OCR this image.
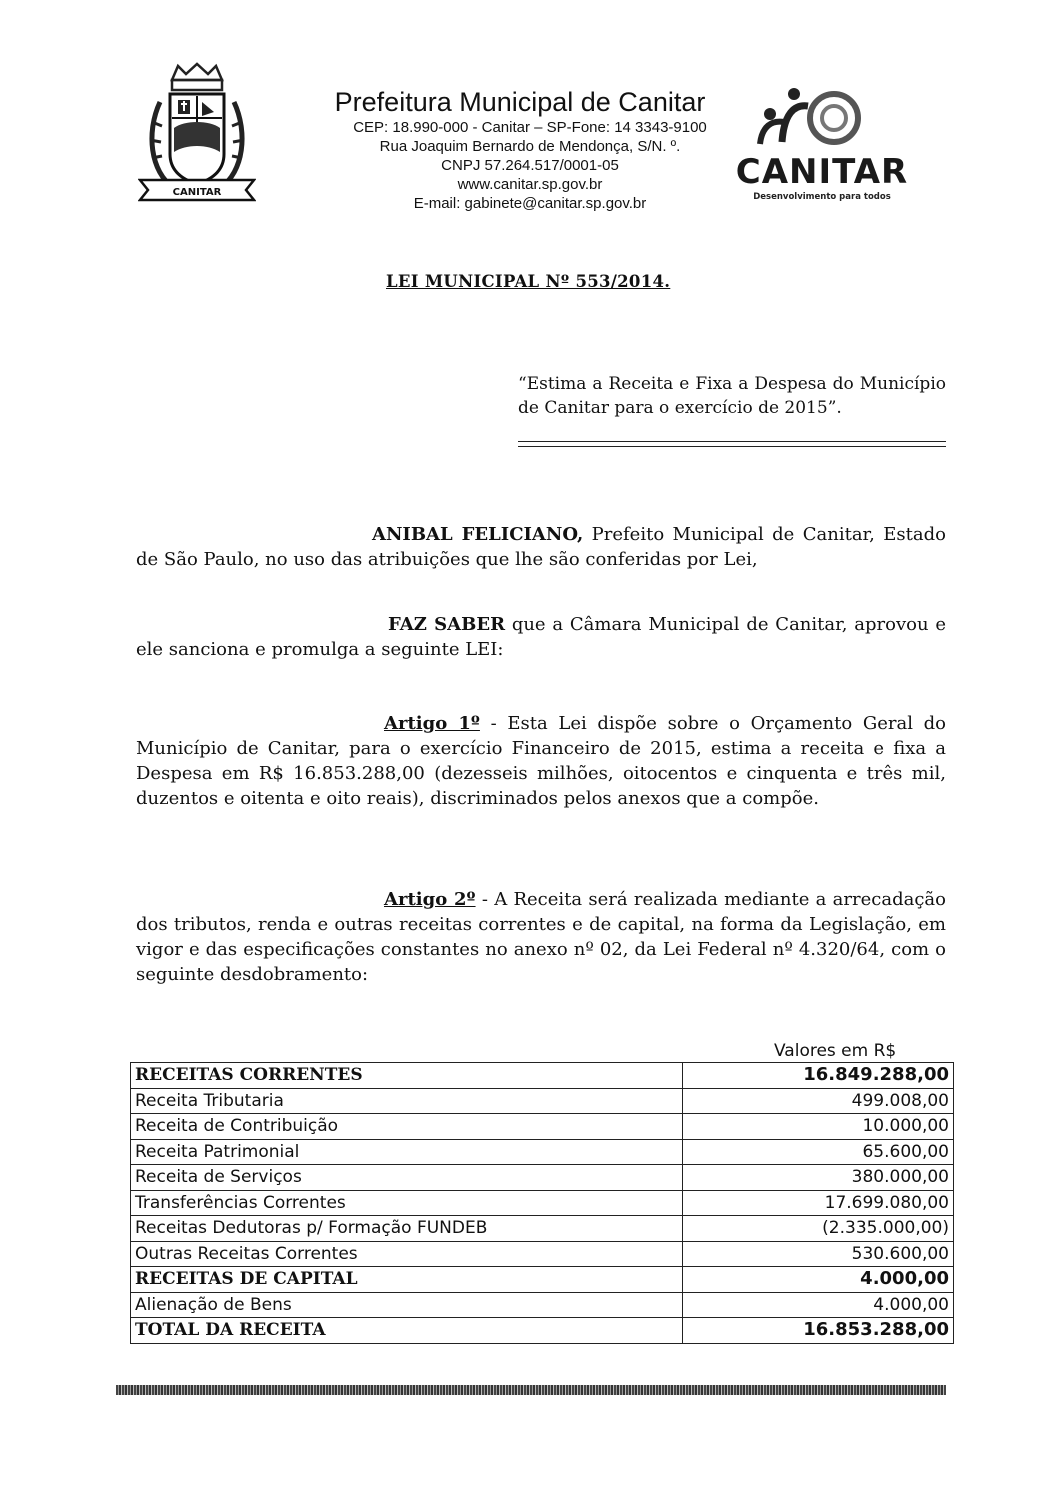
CANITAR
Prefeitura Municipal de Canitar
CEP: 18.990-000 - Canitar – SP-Fone: 14 3343-9100
Rua Joaquim Bernardo de Mendonça, S/N. º.
CNPJ 57.264.517/0001-05
www.canitar.sp.gov.br
E-mail: gabinete@canitar.sp.gov.br
CANITAR
Desenvolvimento para todos
LEI MUNICIPAL Nº 553/2014.
“Estima a Receita e Fixa a Despesa do Município de Canitar para o exercício de 2015”.
ANIBAL FELICIANO, Prefeito Municipal de Canitar, Estado de São Paulo, no uso das atribuições que lhe são conferidas por Lei,
FAZ SABER que a Câmara Municipal de Canitar, aprovou e ele sanciona e promulga a seguinte LEI:
Artigo 1º - Esta Lei dispõe sobre o Orçamento Geral do Município de Canitar, para o exercício Financeiro de 2015, estima a receita e fixa a Despesa em R$ 16.853.288,00 (dezesseis milhões, oitocentos e cinquenta e três mil, duzentos e oitenta e oito reais), discriminados pelos anexos que a compõe.
Artigo 2º - A Receita será realizada mediante a arrecadação dos tributos, renda e outras receitas correntes e de capital, na forma da Legislação, em vigor e das especificações constantes no anexo nº 02, da Lei Federal nº 4.320/64, com o seguinte desdobramento:
Valores em R$
RECEITAS CORRENTES	16.849.288,00
Receita Tributaria	499.008,00
Receita de Contribuição	10.000,00
Receita Patrimonial	65.600,00
Receita de Serviços	380.000,00
Transferências Correntes	17.699.080,00
Receitas Dedutoras p/ Formação FUNDEB	(2.335.000,00)
Outras Receitas Correntes	530.600,00
RECEITAS DE CAPITAL	4.000,00
Alienação de Bens	4.000,00
TOTAL DA RECEITA	16.853.288,00
